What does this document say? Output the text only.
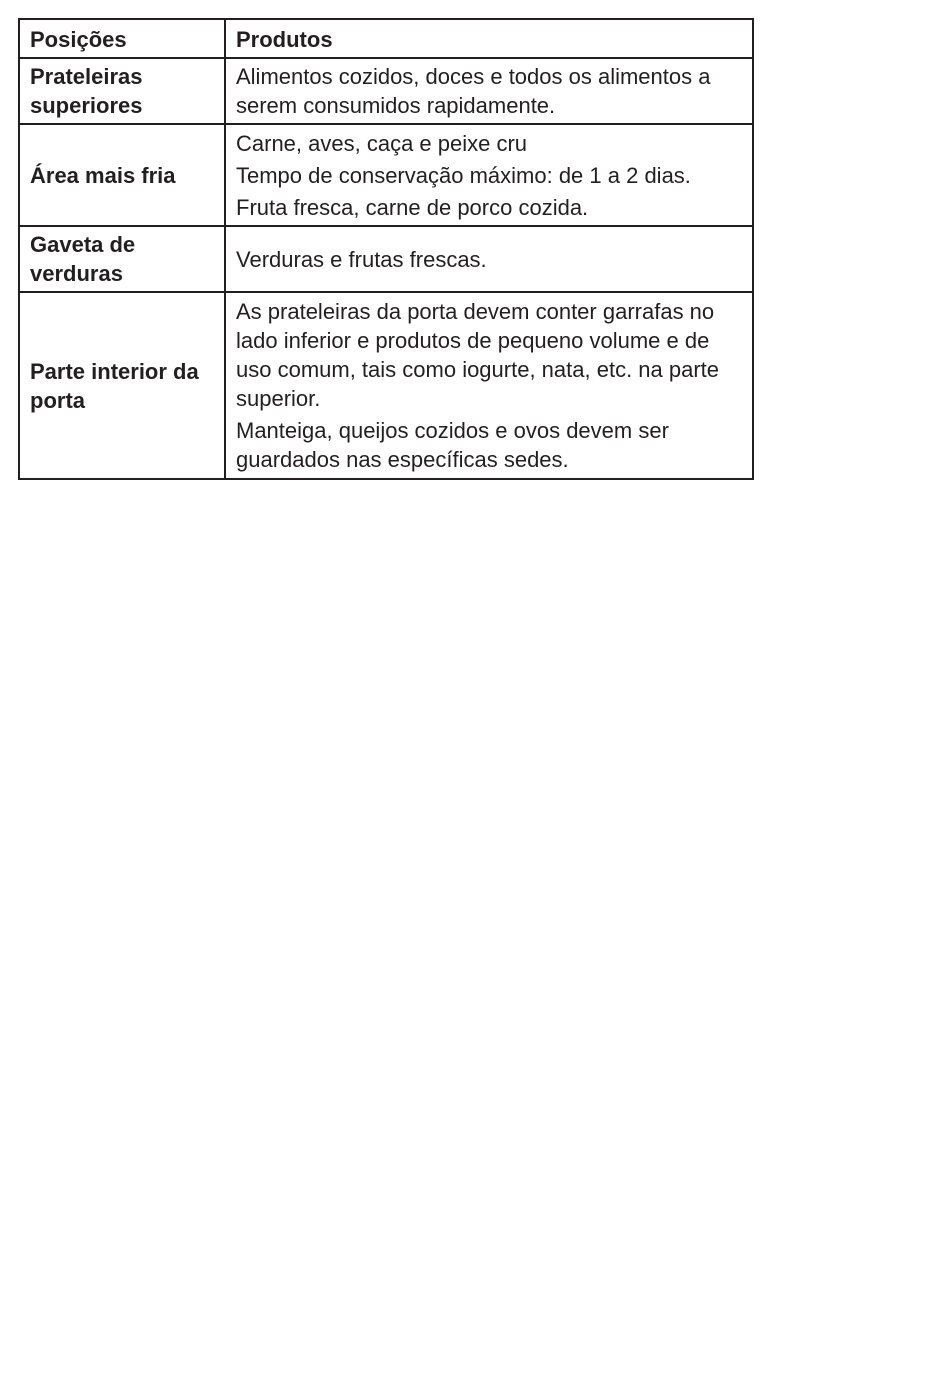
Posições	Produtos
Prateleiras superiores	Alimentos cozidos, doces e todos os alimentos a serem consumidos rapidamente.

Área mais fria	Carne, aves, caça e peixe cru
Tempo de conservação máximo: de 1 a 2 dias.
Fruta fresca, carne de porco cozida.

Gaveta de verduras	Verduras e frutas frescas.

Parte interior da porta	As prateleiras da porta devem conter garrafas no lado inferior e produtos de pequeno volume e de uso comum, tais como iogurte, nata, etc. na parte superior.
Manteiga, queijos cozidos e ovos devem ser guardados nas específicas sedes.
